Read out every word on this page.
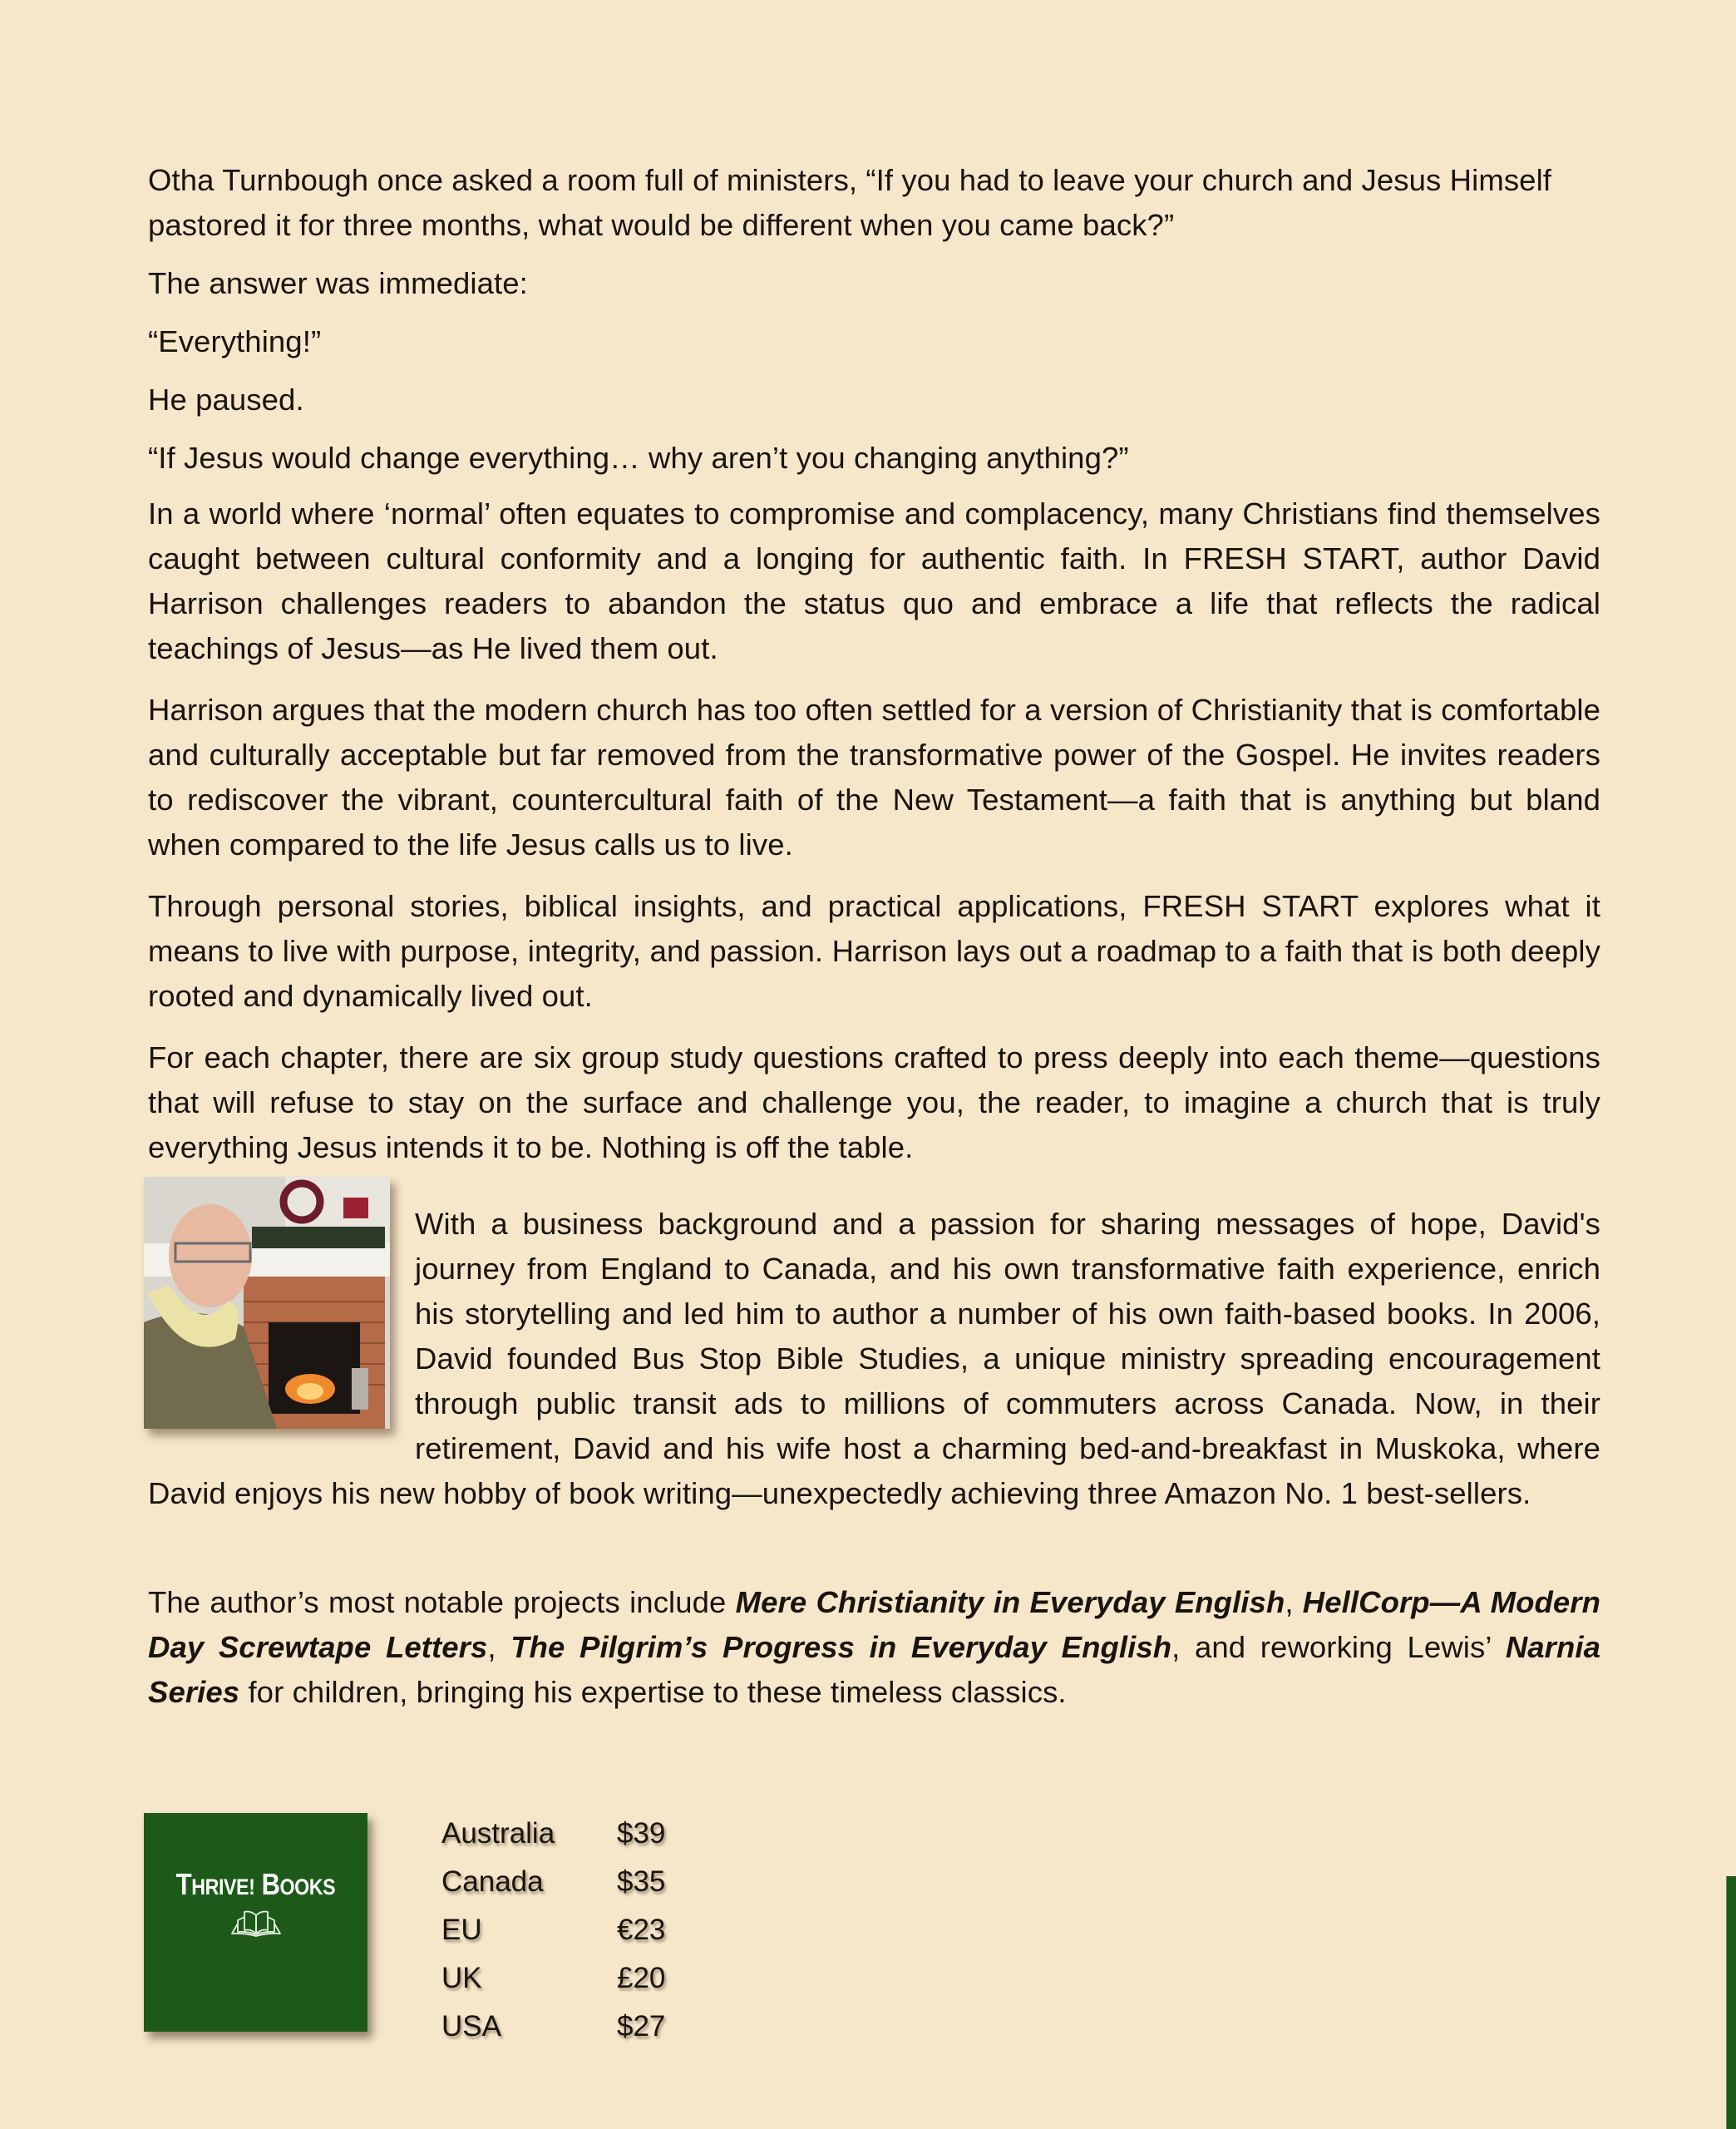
Otha Turnbough once asked a room full of ministers, “If you had to leave your church and Jesus Himself pastored it for three months, what would be different when you came back?”

The answer was immediate:

“Everything!”

He paused.

“If Jesus would change everything… why aren’t you changing anything?”

In a world where ‘normal’ often equates to compromise and complacency, many Christians find themselves caught between cultural conformity and a longing for authentic faith. In FRESH START, author David Harrison challenges readers to abandon the status quo and embrace a life that reflects the radical teachings of Jesus—as He lived them out.

Harrison argues that the modern church has too often settled for a version of Christianity that is comfortable and culturally acceptable but far removed from the transformative power of the Gospel. He invites readers to rediscover the vibrant, countercultural faith of the New Testament—a faith that is anything but bland when compared to the life Jesus calls us to live.

Through personal stories, biblical insights, and practical applications, FRESH START explores what it means to live with purpose, integrity, and passion. Harrison lays out a roadmap to a faith that is both deeply rooted and dynamically lived out.

For each chapter, there are six group study questions crafted to press deeply into each theme—questions that will refuse to stay on the surface and challenge you, the reader, to imagine a church that is truly everything Jesus intends it to be. Nothing is off the table.

With a business background and a passion for sharing messages of hope, David's journey from England to Canada, and his own transformative faith experience, enrich his storytelling and led him to author a number of his own faith-based books. In 2006, David founded Bus Stop Bible Studies, a unique ministry spreading encouragement through public transit ads to millions of commuters across Canada. Now, in their retirement, David and his wife host a charming bed-and-breakfast in Muskoka, where David enjoys his new hobby of book writing—unexpectedly achieving three Amazon No. 1 best-sellers.

The author’s most notable projects include Mere Christianity in Everyday English, HellCorp—A Modern Day Screwtape Letters, The Pilgrim’s Progress in Everyday English, and reworking Lewis’ Narnia Series for children, bringing his expertise to these timeless classics.

THRIVE! BOOKS
Australia	$39
Canada	$35
EU	€23
UK	£20
USA	$27
